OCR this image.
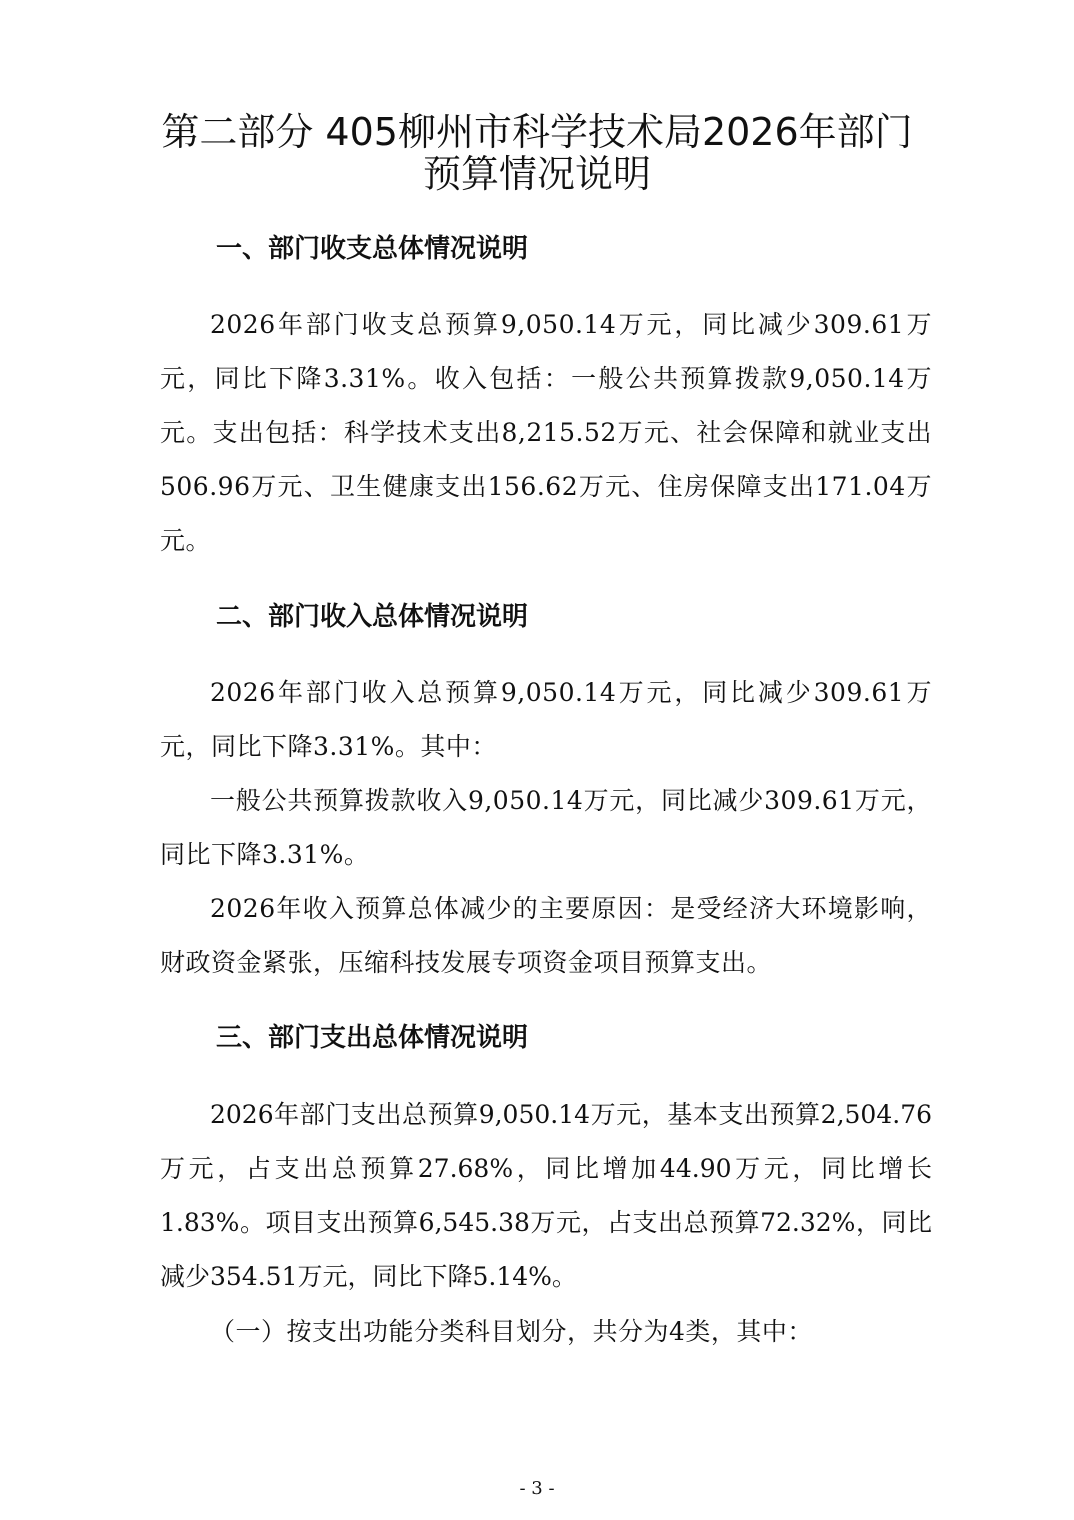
第二部分 405柳州市科学技术局2026年部门
预算情况说明
一、部门收支总体情况说明

2026年部门收支总预算9,050.14万元，同比减少309.61万元，同比下降3.31%。收入包括：一般公共预算拨款9,050.14万元。支出包括：科学技术支出8,215.52万元、社会保障和就业支出506.96万元、卫生健康支出156.62万元、住房保障支出171.04万元。

二、部门收入总体情况说明

2026年部门收入总预算9,050.14万元，同比减少309.61万元，同比下降3.31%。其中：

一般公共预算拨款收入9,050.14万元，同比减少309.61万元，同比下降3.31%。

2026年收入预算总体减少的主要原因：是受经济大环境影响，财政资金紧张，压缩科技发展专项资金项目预算支出。

三、部门支出总体情况说明

2026年部门支出总预算9,050.14万元，基本支出预算2,504.76万元，占支出总预算27.68%，同比增加44.90万元，同比增长1.83%。项目支出预算6,545.38万元，占支出总预算72.32%，同比减少354.51万元，同比下降5.14%。

（一）按支出功能分类科目划分，共分为4类，其中：

- 3 -
